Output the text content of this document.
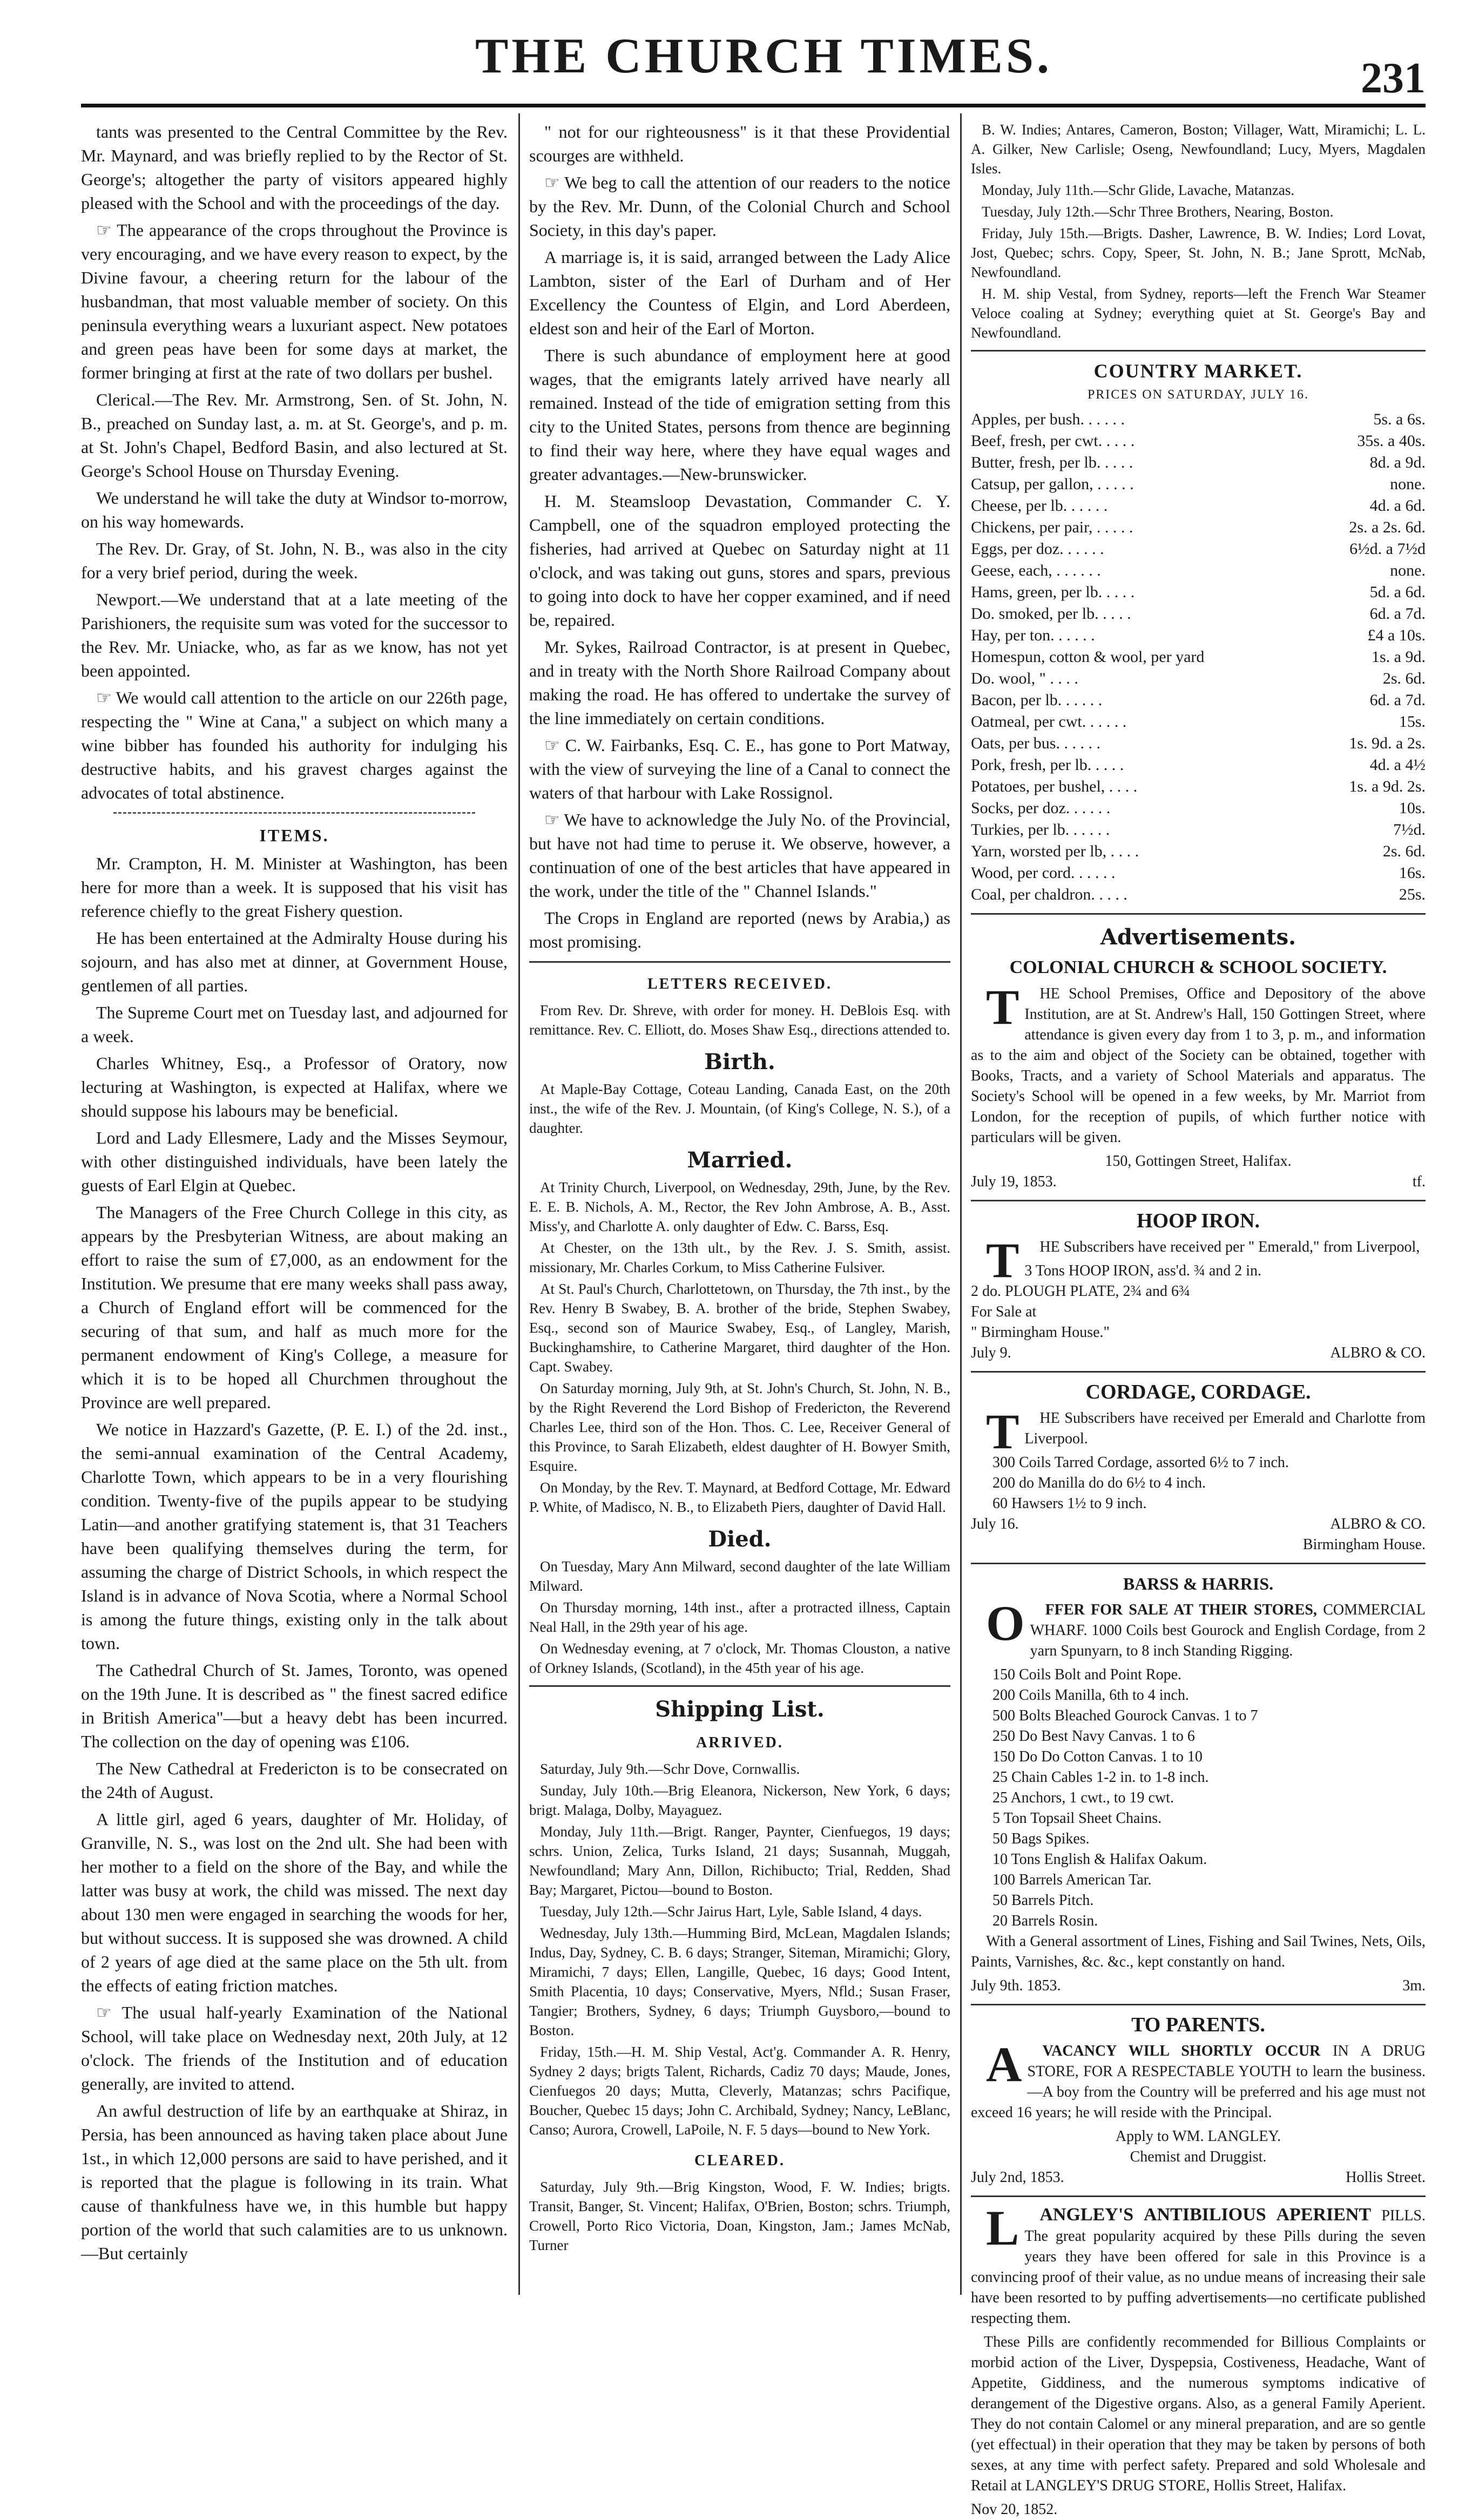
THE CHURCH TIMES.	231

tants was presented to the Central Committee by the Rev. Mr. Maynard, and was briefly replied to by the Rector of St. George's; altogether the party of visitors appeared highly pleased with the School and with the proceedings of the day.

☞ The appearance of the crops throughout the Province is very encouraging, and we have every reason to expect, by the Divine favour, a cheering return for the labour of the husbandman, that most valuable member of society. On this peninsula everything wears a luxuriant aspect. New potatoes and green peas have been for some days at market, the former bringing at first at the rate of two dollars per bushel.

Clerical.—The Rev. Mr. Armstrong, Sen. of St. John, N. B., preached on Sunday last, a. m. at St. George's, and p. m. at St. John's Chapel, Bedford Basin, and also lectured at St. George's School House on Thursday Evening.

We understand he will take the duty at Windsor to-morrow, on his way homewards.

The Rev. Dr. Gray, of St. John, N. B., was also in the city for a very brief period, during the week.

Newport.—We understand that at a late meeting of the Parishioners, the requisite sum was voted for the successor to the Rev. Mr. Uniacke, who, as far as we know, has not yet been appointed.

☞ We would call attention to the article on our 226th page, respecting the " Wine at Cana," a subject on which many a wine bibber has founded his authority for indulging his destructive habits, and his gravest charges against the advocates of total abstinence.

ITEMS.

Mr. Crampton, H. M. Minister at Washington, has been here for more than a week. It is supposed that his visit has reference chiefly to the great Fishery question.

He has been entertained at the Admiralty House during his sojourn, and has also met at dinner, at Government House, gentlemen of all parties.

The Supreme Court met on Tuesday last, and adjourned for a week.

Charles Whitney, Esq., a Professor of Oratory, now lecturing at Washington, is expected at Halifax, where we should suppose his labours may be beneficial.

Lord and Lady Ellesmere, Lady and the Misses Seymour, with other distinguished individuals, have been lately the guests of Earl Elgin at Quebec.

The Managers of the Free Church College in this city, as appears by the Presbyterian Witness, are about making an effort to raise the sum of £7,000, as an endowment for the Institution. We presume that ere many weeks shall pass away, a Church of England effort will be commenced for the securing of that sum, and half as much more for the permanent endowment of King's College, a measure for which it is to be hoped all Churchmen throughout the Province are well prepared.

We notice in Hazzard's Gazette, (P. E. I.) of the 2d. inst., the semi-annual examination of the Central Academy, Charlotte Town, which appears to be in a very flourishing condition. Twenty-five of the pupils appear to be studying Latin—and another gratifying statement is, that 31 Teachers have been qualifying themselves during the term, for assuming the charge of District Schools, in which respect the Island is in advance of Nova Scotia, where a Normal School is among the future things, existing only in the talk about town.

The Cathedral Church of St. James, Toronto, was opened on the 19th June. It is described as " the finest sacred edifice in British America"—but a heavy debt has been incurred. The collection on the day of opening was £106.

The New Cathedral at Fredericton is to be consecrated on the 24th of August.

A little girl, aged 6 years, daughter of Mr. Holiday, of Granville, N. S., was lost on the 2nd ult. She had been with her mother to a field on the shore of the Bay, and while the latter was busy at work, the child was missed. The next day about 130 men were engaged in searching the woods for her, but without success. It is supposed she was drowned. A child of 2 years of age died at the same place on the 5th ult. from the effects of eating friction matches.

☞ The usual half-yearly Examination of the National School, will take place on Wednesday next, 20th July, at 12 o'clock. The friends of the Institution and of education generally, are invited to attend.

An awful destruction of life by an earthquake at Shiraz, in Persia, has been announced as having taken place about June 1st., in which 12,000 persons are said to have perished, and it is reported that the plague is following in its train. What cause of thankfulness have we, in this humble but happy portion of the world that such calamities are to us unknown.—But certainly

" not for our righteousness" is it that these Providential scourges are withheld.

☞ We beg to call the attention of our readers to the notice by the Rev. Mr. Dunn, of the Colonial Church and School Society, in this day's paper.

A marriage is, it is said, arranged between the Lady Alice Lambton, sister of the Earl of Durham and of Her Excellency the Countess of Elgin, and Lord Aberdeen, eldest son and heir of the Earl of Morton.

There is such abundance of employment here at good wages, that the emigrants lately arrived have nearly all remained. Instead of the tide of emigration setting from this city to the United States, persons from thence are beginning to find their way here, where they have equal wages and greater advantages.—New-brunswicker.

H. M. Steamsloop Devastation, Commander C. Y. Campbell, one of the squadron employed protecting the fisheries, had arrived at Quebec on Saturday night at 11 o'clock, and was taking out guns, stores and spars, previous to going into dock to have her copper examined, and if need be, repaired.

Mr. Sykes, Railroad Contractor, is at present in Quebec, and in treaty with the North Shore Railroad Company about making the road. He has offered to undertake the survey of the line immediately on certain conditions.

☞ C. W. Fairbanks, Esq. C. E., has gone to Port Matway, with the view of surveying the line of a Canal to connect the waters of that harbour with Lake Rossignol.

☞ We have to acknowledge the July No. of the Provincial, but have not had time to peruse it. We observe, however, a continuation of one of the best articles that have appeared in the work, under the title of the " Channel Islands."

The Crops in England are reported (news by Arabia,) as most promising.

LETTERS RECEIVED.

From Rev. Dr. Shreve, with order for money. H. DeBlois Esq. with remittance. Rev. C. Elliott, do. Moses Shaw Esq., directions attended to.

Birth.

At Maple-Bay Cottage, Coteau Landing, Canada East, on the 20th inst., the wife of the Rev. J. Mountain, (of King's College, N. S.), of a daughter.

Married.

At Trinity Church, Liverpool, on Wednesday, 29th, June, by the Rev. E. E. B. Nichols, A. M., Rector, the Rev John Ambrose, A. B., Asst. Miss'y, and Charlotte A. only daughter of Edw. C. Barss, Esq.

At Chester, on the 13th ult., by the Rev. J. S. Smith, assist. missionary, Mr. Charles Corkum, to Miss Catherine Fulsiver.

At St. Paul's Church, Charlottetown, on Thursday, the 7th inst., by the Rev. Henry B Swabey, B. A. brother of the bride, Stephen Swabey, Esq., second son of Maurice Swabey, Esq., of Langley, Marish, Buckinghamshire, to Catherine Margaret, third daughter of the Hon. Capt. Swabey.

On Saturday morning, July 9th, at St. John's Church, St. John, N. B., by the Right Reverend the Lord Bishop of Fredericton, the Reverend Charles Lee, third son of the Hon. Thos. C. Lee, Receiver General of this Province, to Sarah Elizabeth, eldest daughter of H. Bowyer Smith, Esquire.

On Monday, by the Rev. T. Maynard, at Bedford Cottage, Mr. Edward P. White, of Madisco, N. B., to Elizabeth Piers, daughter of David Hall.

Died.

On Tuesday, Mary Ann Milward, second daughter of the late William Milward.

On Thursday morning, 14th inst., after a protracted illness, Captain Neal Hall, in the 29th year of his age.

On Wednesday evening, at 7 o'clock, Mr. Thomas Clouston, a native of Orkney Islands, (Scotland), in the 45th year of his age.

Shipping List.
ARRIVED.

Saturday, July 9th.—Schr Dove, Cornwallis.

Sunday, July 10th.—Brig Eleanora, Nickerson, New York, 6 days; brigt. Malaga, Dolby, Mayaguez.

Monday, July 11th.—Brigt. Ranger, Paynter, Cienfuegos, 19 days; schrs. Union, Zelica, Turks Island, 21 days; Susannah, Muggah, Newfoundland; Mary Ann, Dillon, Richibucto; Trial, Redden, Shad Bay; Margaret, Pictou—bound to Boston.

Tuesday, July 12th.—Schr Jairus Hart, Lyle, Sable Island, 4 days.

Wednesday, July 13th.—Humming Bird, McLean, Magdalen Islands; Indus, Day, Sydney, C. B. 6 days; Stranger, Siteman, Miramichi; Glory, Miramichi, 7 days; Ellen, Langille, Quebec, 16 days; Good Intent, Smith Placentia, 10 days; Conservative, Myers, Nfld.; Susan Fraser, Tangier; Brothers, Sydney, 6 days; Triumph Guysboro,—bound to Boston.

Friday, 15th.—H. M. Ship Vestal, Act'g. Commander A. R. Henry, Sydney 2 days; brigts Talent, Richards, Cadiz 70 days; Maude, Jones, Cienfuegos 20 days; Mutta, Cleverly, Matanzas; schrs Pacifique, Boucher, Quebec 15 days; John C. Archibald, Sydney; Nancy, LeBlanc, Canso; Aurora, Crowell, LaPoile, N. F. 5 days—bound to New York.

CLEARED.

Saturday, July 9th.—Brig Kingston, Wood, F. W. Indies; brigts. Transit, Banger, St. Vincent; Halifax, O'Brien, Boston; schrs. Triumph, Crowell, Porto Rico Victoria, Doan, Kingston, Jam.; James McNab, Turner

B. W. Indies; Antares, Cameron, Boston; Villager, Watt, Miramichi; L. L. A. Gilker, New Carlisle; Oseng, Newfoundland; Lucy, Myers, Magdalen Isles.

Monday, July 11th.—Schr Glide, Lavache, Matanzas.

Tuesday, July 12th.—Schr Three Brothers, Nearing, Boston.

Friday, July 15th.—Brigts. Dasher, Lawrence, B. W. Indies; Lord Lovat, Jost, Quebec; schrs. Copy, Speer, St. John, N. B.; Jane Sprott, McNab, Newfoundland.

H. M. ship Vestal, from Sydney, reports—left the French War Steamer Veloce coaling at Sydney; everything quiet at St. George's Bay and Newfoundland.

COUNTRY MARKET.
PRICES ON SATURDAY, JULY 16.
Apples, per bush. . . . . .	5s. a 6s.
Beef, fresh, per cwt. . . . .	35s. a 40s.
Butter, fresh, per lb. . . . .	8d. a 9d.
Catsup, per gallon, . . . . .	none.
Cheese, per lb. . . . . .	4d. a 6d.
Chickens, per pair, . . . . .	2s. a 2s. 6d.
Eggs, per doz. . . . . .	6½d. a 7½d
Geese, each, . . . . . .	none.
Hams, green, per lb. . . . .	5d. a 6d.
Do. smoked, per lb. . . . .	6d. a 7d.
Hay, per ton. . . . . .	£4 a 10s.
Homespun, cotton & wool, per yard	1s. a 9d.
Do. wool, " . . . .	2s. 6d.
Bacon, per lb. . . . . .	6d. a 7d.
Oatmeal, per cwt. . . . . .	15s.
Oats, per bus. . . . . .	1s. 9d. a 2s.
Pork, fresh, per lb. . . . .	4d. a 4½
Potatoes, per bushel, . . . .	1s. a 9d. 2s.
Socks, per doz. . . . . .	10s.
Turkies, per lb. . . . . .	7½d.
Yarn, worsted per lb, . . . .	2s. 6d.
Wood, per cord. . . . . .	16s.
Coal, per chaldron. . . . .	25s.
Advertisements.
COLONIAL CHURCH & SCHOOL SOCIETY.

T HE School Premises, Office and Depository of the above Institution, are at St. Andrew's Hall, 150 Gottingen Street, where attendance is given every day from 1 to 3, p. m., and information as to the aim and object of the Society can be obtained, together with Books, Tracts, and a variety of School Materials and apparatus. The Society's School will be opened in a few weeks, by Mr. Marriot from London, for the reception of pupils, of which further notice with particulars will be given.

150, Gottingen Street, Halifax.
July 19, 1853.	tf.
HOOP IRON.

T HE Subscribers have received per " Emerald," from Liverpool,

3 Tons HOOP IRON, ass'd. ¾ and 2 in.
2 do. PLOUGH PLATE, 2¾ and 6¾
For Sale at
" Birmingham House."
July 9.	ALBRO & CO.
CORDAGE, CORDAGE.

T HE Subscribers have received per Emerald and Charlotte from Liverpool.

300 Coils Tarred Cordage, assorted 6½ to 7 inch.
200 do Manilla do do 6½ to 4 inch.
60 Hawsers 1½ to 9 inch.
July 16.	ALBRO & CO.
Birmingham House.
BARSS & HARRIS.

O FFER FOR SALE AT THEIR STORES, COMMERCIAL WHARF. 1000 Coils best Gourock and English Cordage, from 2 yarn Spunyarn, to 8 inch Standing Rigging.

150 Coils Bolt and Point Rope.
200 Coils Manilla, 6th to 4 inch.
500 Bolts Bleached Gourock Canvas. 1 to 7
250 Do Best Navy Canvas. 1 to 6
150 Do Do Cotton Canvas. 1 to 10
25 Chain Cables 1-2 in. to 1-8 inch.
25 Anchors, 1 cwt., to 19 cwt.
5 Ton Topsail Sheet Chains.
50 Bags Spikes.
10 Tons English & Halifax Oakum.
100 Barrels American Tar.
50 Barrels Pitch.
20 Barrels Rosin.

With a General assortment of Lines, Fishing and Sail Twines, Nets, Oils, Paints, Varnishes, &c. &c., kept constantly on hand.

July 9th. 1853.	3m.
TO PARENTS.

A VACANCY WILL SHORTLY OCCUR IN A DRUG STORE, FOR A RESPECTABLE YOUTH to learn the business.—A boy from the Country will be preferred and his age must not exceed 16 years; he will reside with the Principal.

Apply to WM. LANGLEY.
Chemist and Druggist.
July 2nd, 1853.	Hollis Street.

L ANGLEY'S ANTIBILIOUS APERIENT PILLS. The great popularity acquired by these Pills during the seven years they have been offered for sale in this Province is a convincing proof of their value, as no undue means of increasing their sale have been resorted to by puffing advertisements—no certificate published respecting them.

These Pills are confidently recommended for Billious Complaints or morbid action of the Liver, Dyspepsia, Costiveness, Headache, Want of Appetite, Giddiness, and the numerous symptoms indicative of derangement of the Digestive organs. Also, as a general Family Aperient. They do not contain Calomel or any mineral preparation, and are so gentle (yet effectual) in their operation that they may be taken by persons of both sexes, at any time with perfect safety. Prepared and sold Wholesale and Retail at LANGLEY'S DRUG STORE, Hollis Street, Halifax.

Nov 20, 1852.
